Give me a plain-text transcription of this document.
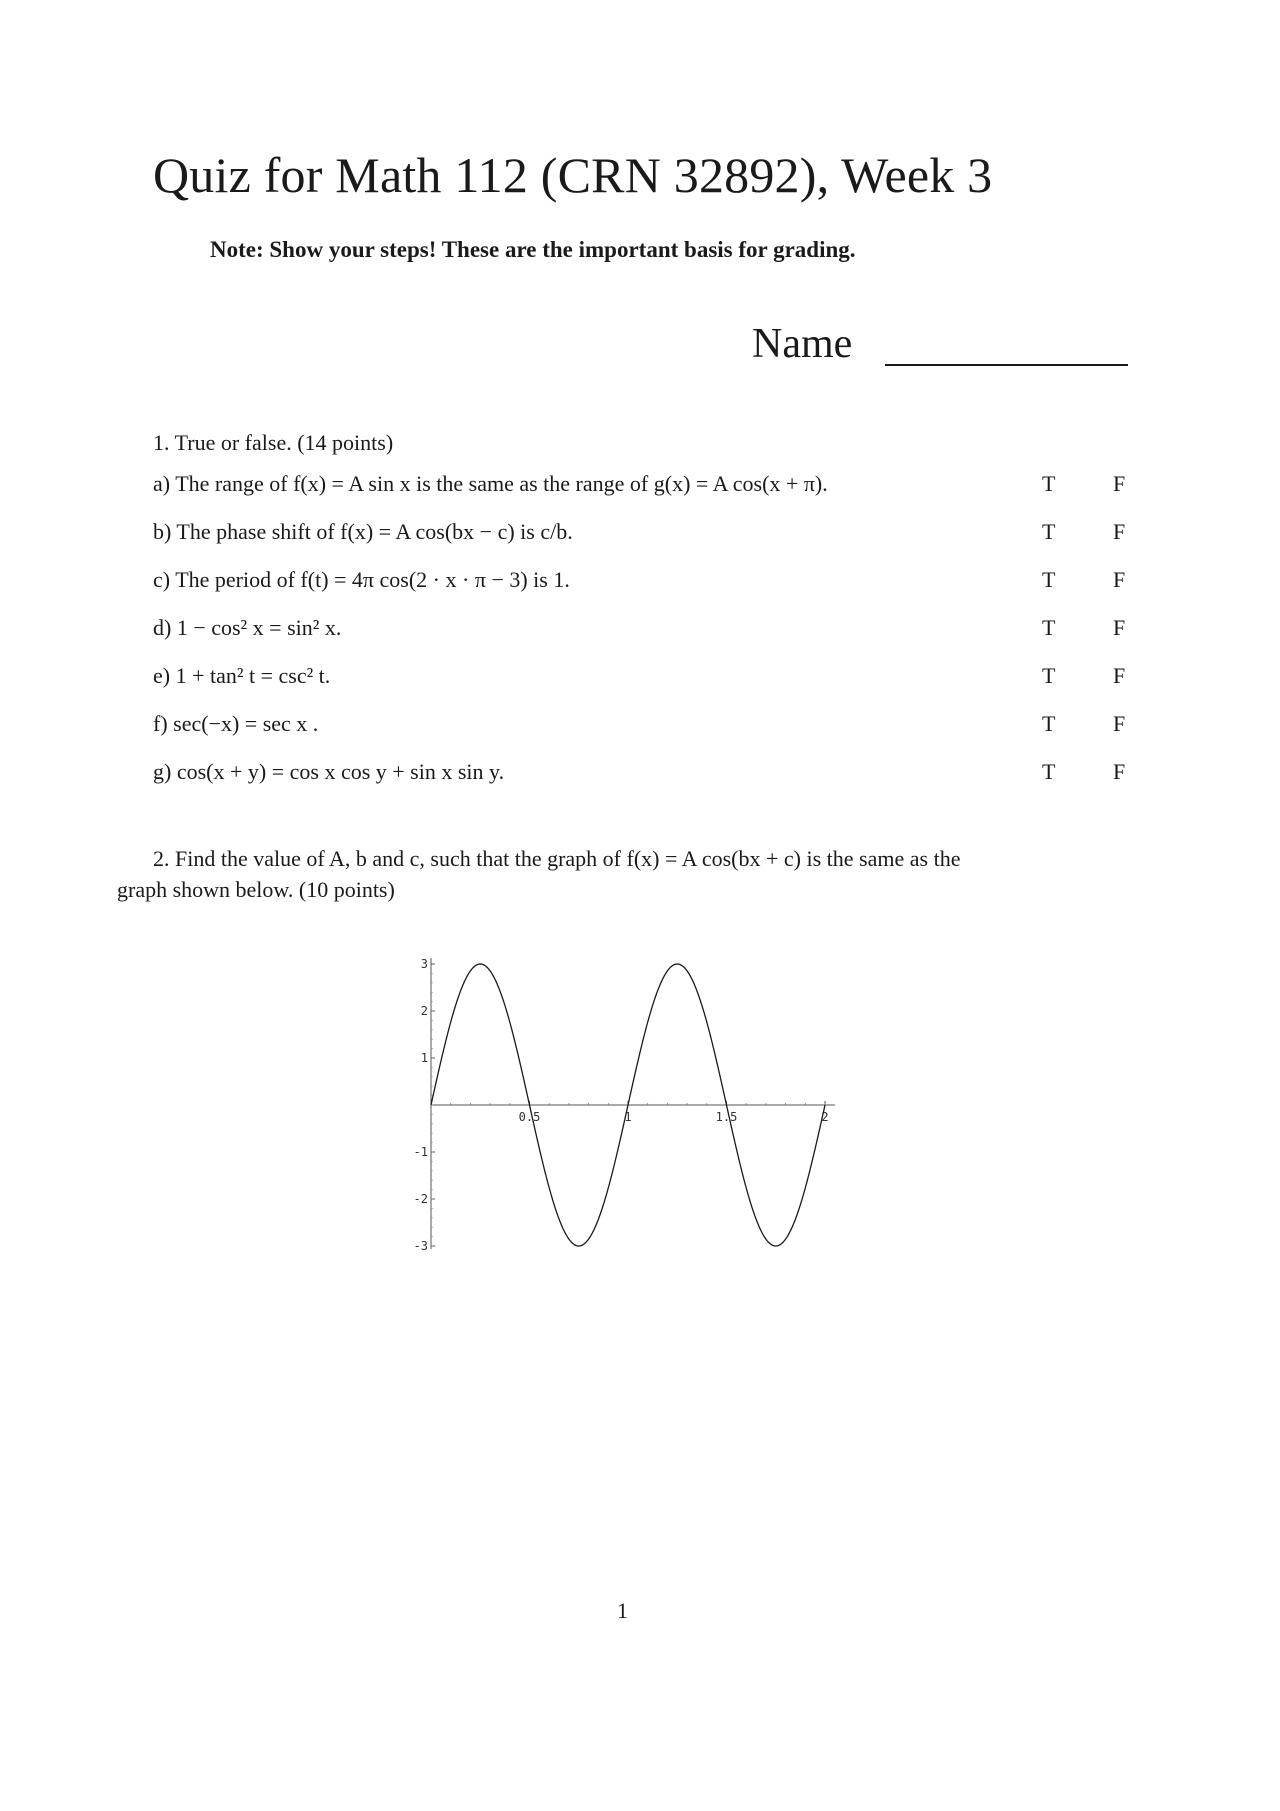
Quiz for Math 112 (CRN 32892), Week 3
Note: Show your steps! These are the important basis for grading.
Name
1. True or false. (14 points)
a) The range of f(x) = A sin x is the same as the range of g(x) = A cos(x + π).	T	F
b) The phase shift of f(x) = A cos(bx − c) is c/b.	T	F
c) The period of f(t) = 4π cos(2 · x · π − 3) is 1.	T	F
d) 1 − cos² x = sin² x.	T	F
e) 1 + tan² t = csc² t.	T	F
f) sec(−x) = sec x .	T	F
g) cos(x + y) = cos x cos y + sin x sin y.	T	F
2. Find the value of A, b and c, such that the graph of f(x) = A cos(bx + c) is the same as the
graph shown below. (10 points)
0.5	1	1.5	2
3
2
1
-1
-2
-3
1
